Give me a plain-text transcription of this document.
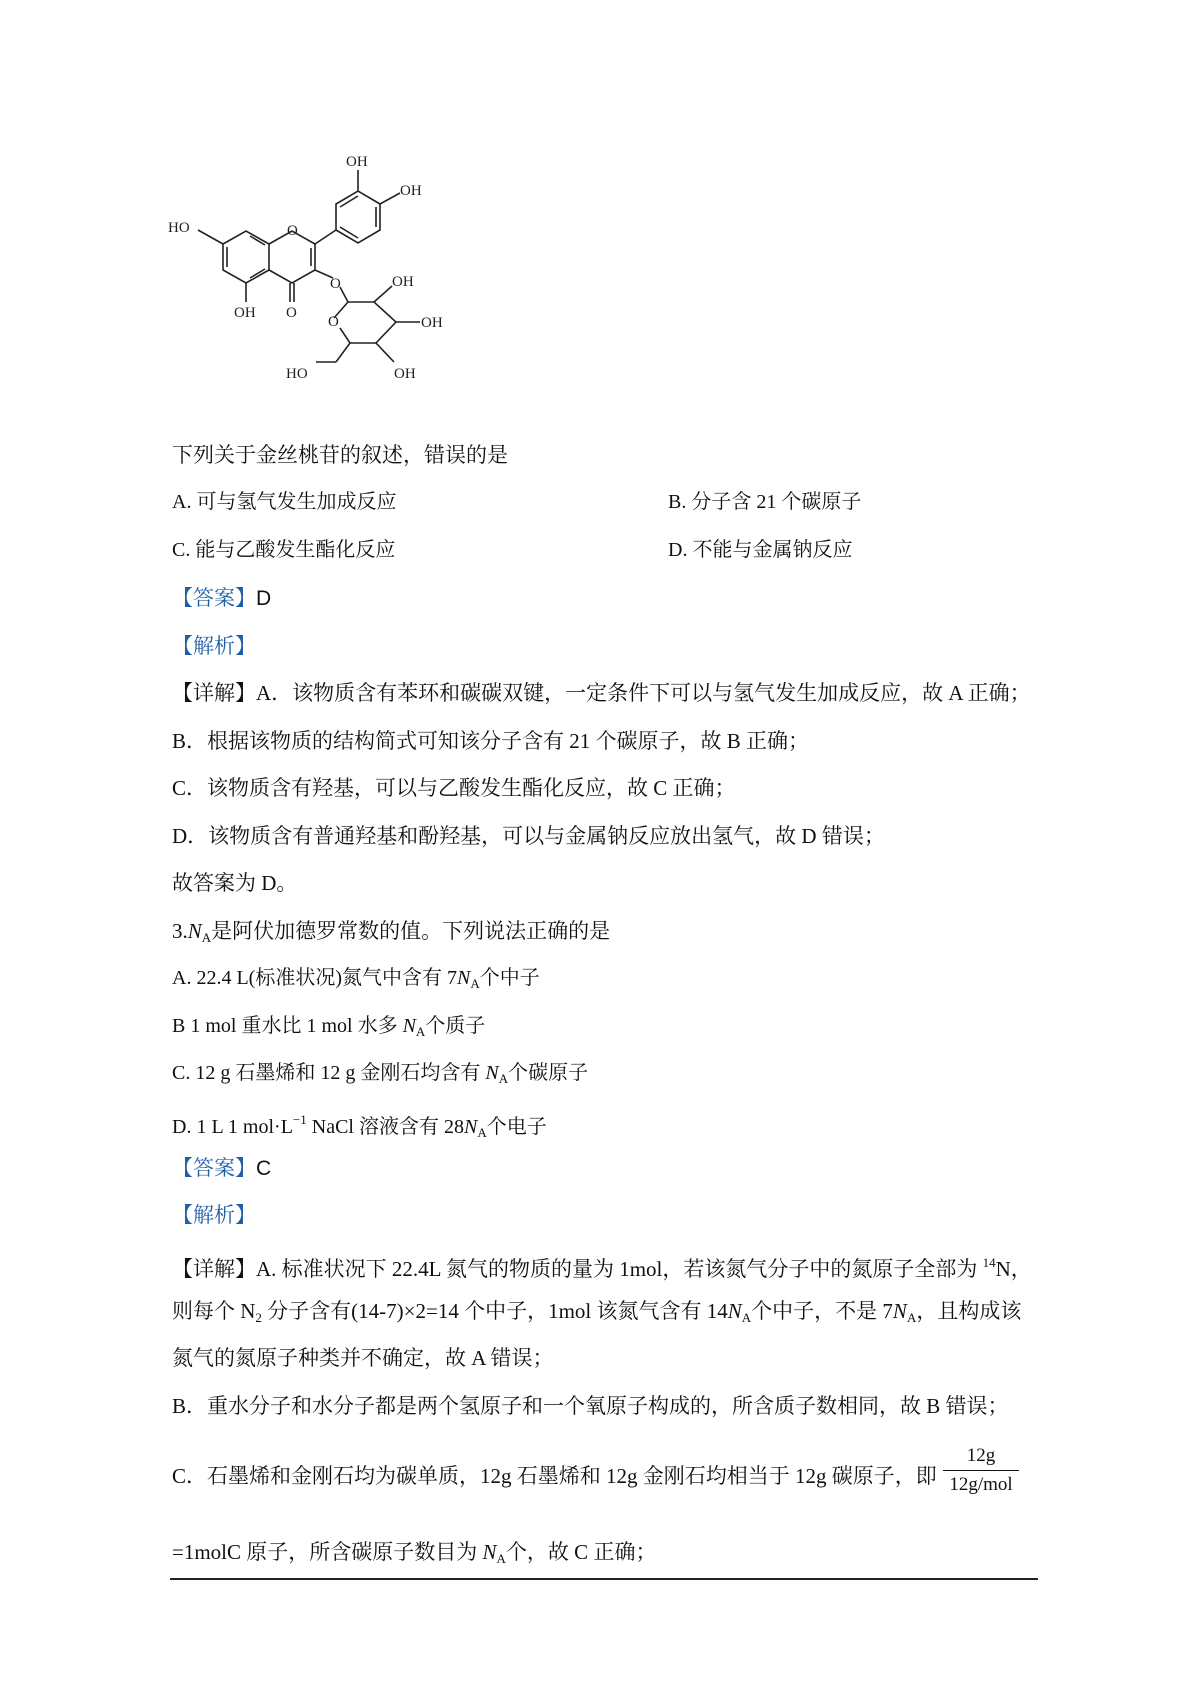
OH
OH
HO	O
O
OH O
OH
O	OH
HO	OH
下列关于金丝桃苷的叙述，错误的是
A. 可与氢气发生加成反应	B. 分子含 21 个碳原子
C. 能与乙酸发生酯化反应	D. 不能与金属钠反应
【答案】D
【解析】
【详解】A．该物质含有苯环和碳碳双键，一定条件下可以与氢气发生加成反应，故 A 正确；
B．根据该物质的结构简式可知该分子含有 21 个碳原子，故 B 正确；
C．该物质含有羟基，可以与乙酸发生酯化反应，故 C 正确；
D．该物质含有普通羟基和酚羟基，可以与金属钠反应放出氢气，故 D 错误；
故答案为 D。
$3.N_A$是阿伏加德罗常数的值。下列说法正确的是
A. 22.4 L(标准状况)氮气中含有 $7N_A$个中子
B 1 mol 重水比 1 mol 水多 $N_A$个质子
C. 12 g 石墨烯和 12 g 金刚石均含有 $N_A$个碳原子
D. 1 L 1 $mol\cdot L^{-1}$ NaCl 溶液含有 $28N_A$个电子
【答案】C
【解析】
【详解】A. 标准状况下 22.4L 氮气的物质的量为 1mol，若该氮气分子中的氮原子全部为 $^{14}$N，
则每个 $N_2$ 分子含有(14-7)×2=14 个中子，1mol 该氮气含有 $14N_A$个中子，不是 $7N_A$，且构成该
氮气的氮原子种类并不确定，故 A 错误；
B．重水分子和水分子都是两个氢原子和一个氧原子构成的，所含质子数相同，故 B 错误；
C．石墨烯和金刚石均为碳单质，12g 石墨烯和 12g 金刚石均相当于 12g 碳原子，即
12g
12g/mol
=1molC 原子，所含碳原子数目为 $N_A$个，故 C 正确；
